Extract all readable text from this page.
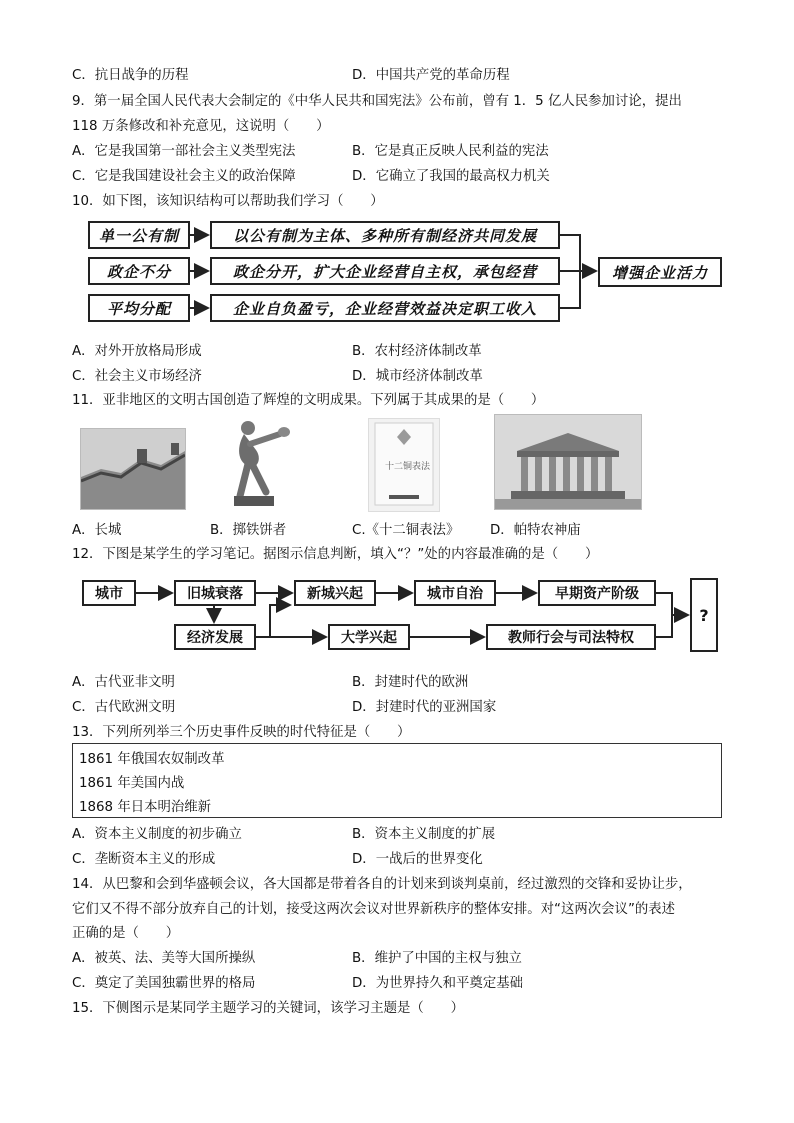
C．抗日战争的历程	D．中国共产党的革命历程
9．第一届全国人民代表大会制定的《中华人民共和国宪法》公布前，曾有 1．5 亿人民参加讨论，提出
118 万条修改和补充意见，这说明（　　）
A．它是我国第一部社会主义类型宪法	B．它是真正反映人民利益的宪法
C．它是我国建设社会主义的政治保障	D．它确立了我国的最高权力机关
10．如下图，该知识结构可以帮助我们学习（　　）
单一公有制
政企不分
平均分配
以公有制为主体、多种所有制经济共同发展
政企分开，扩大企业经营自主权，承包经营
企业自负盈亏，企业经营效益决定职工收入
增强企业活力
A．对外开放格局形成	B．农村经济体制改革
C．社会主义市场经济	D．城市经济体制改革
11．亚非地区的文明古国创造了辉煌的文明成果。下列属于其成果的是（　　）
十二铜表法
A．长城	B．掷铁饼者	C.《十二铜表法》 D．帕特农神庙
12．下图是某学生的学习笔记。据图示信息判断，填入“？”处的内容最准确的是（　　）
城市	旧城衰落	新城兴起	城市自治	早期资产阶级
经济发展	大学兴起	教师行会与司法特权
?
A．古代亚非文明	B．封建时代的欧洲
C．古代欧洲文明	D．封建时代的亚洲国家
13．下列所列举三个历史事件反映的时代特征是（　　）
1861 年俄国农奴制改革
1861 年美国内战
1868 年日本明治维新
A．资本主义制度的初步确立	B．资本主义制度的扩展
C．垄断资本主义的形成	D．一战后的世界变化
14．从巴黎和会到华盛顿会议，各大国都是带着各自的计划来到谈判桌前，经过激烈的交锋和妥协让步，
它们又不得不部分放弃自己的计划，接受这两次会议对世界新秩序的整体安排。对“这两次会议”的表述
正确的是（　　）
A．被英、法、美等大国所操纵	B．维护了中国的主权与独立
C．奠定了美国独霸世界的格局	D．为世界持久和平奠定基础
15．下侧图示是某同学主题学习的关键词，该学习主题是（　　）
